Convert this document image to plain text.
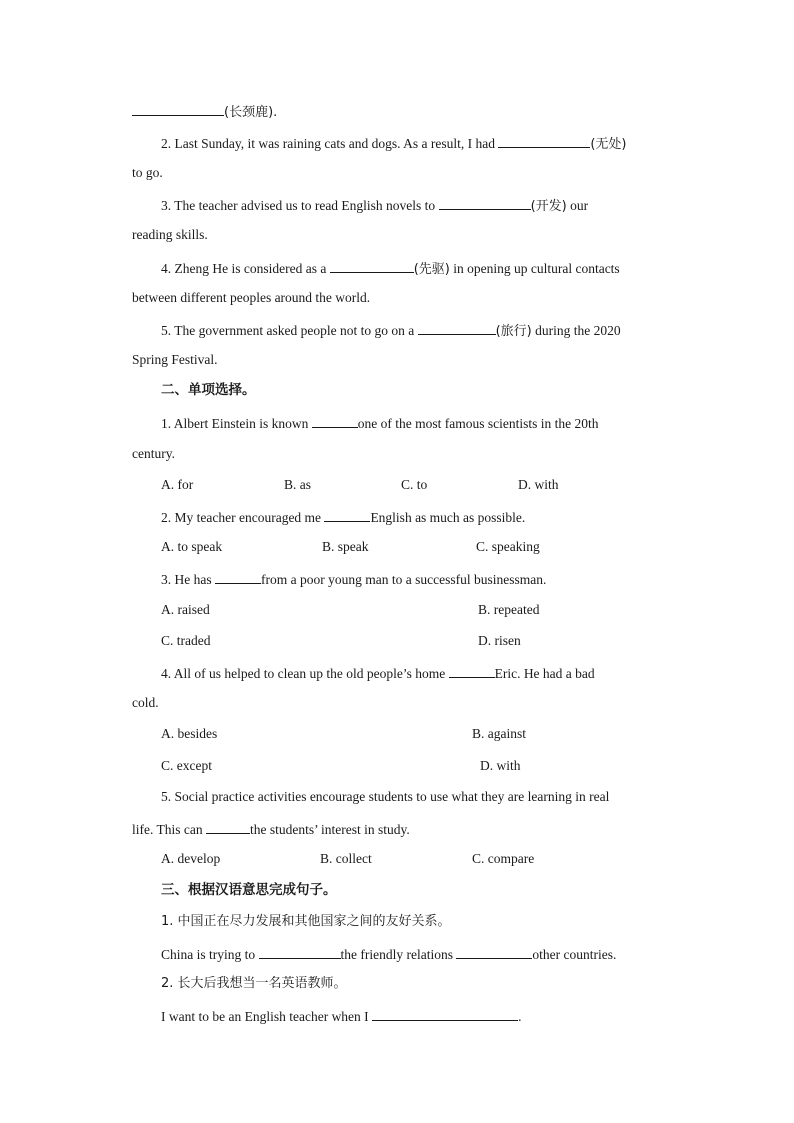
(长颈鹿).
2. Last Sunday, it was raining cats and dogs. As a result, I had	(无处)
to go.
3. The teacher advised us to read English novels to	(开发) our
reading skills.
4. Zheng He is considered as a	(先驱) in opening up cultural contacts
between different peoples around the world.
5. The government asked people not to go on a	(旅行) during the 2020
Spring Festival.
二、单项选择。
1. Albert Einstein is known	one of the most famous scientists in the 20th
century.
A. for	B. as	C. to	D. with
2. My teacher encouraged me	English as much as possible.
A. to speak	B. speak	C. speaking
3. He has	from a poor young man to a successful businessman.
A. raised	B. repeated
C. traded	D. risen
4. All of us helped to clean up the old people’s home	Eric. He had a bad
cold.
A. besides	B. against
C. except	D. with
5. Social practice activities encourage students to use what they are learning in real
life. This can	the students’ interest in study.
A. develop	B. collect	C. compare
三、根据汉语意思完成句子。
1. 中国正在尽力发展和其他国家之间的友好关系。
China is trying to	the friendly relations	other countries.
2. 长大后我想当一名英语教师。
I want to be an English teacher when I	.
